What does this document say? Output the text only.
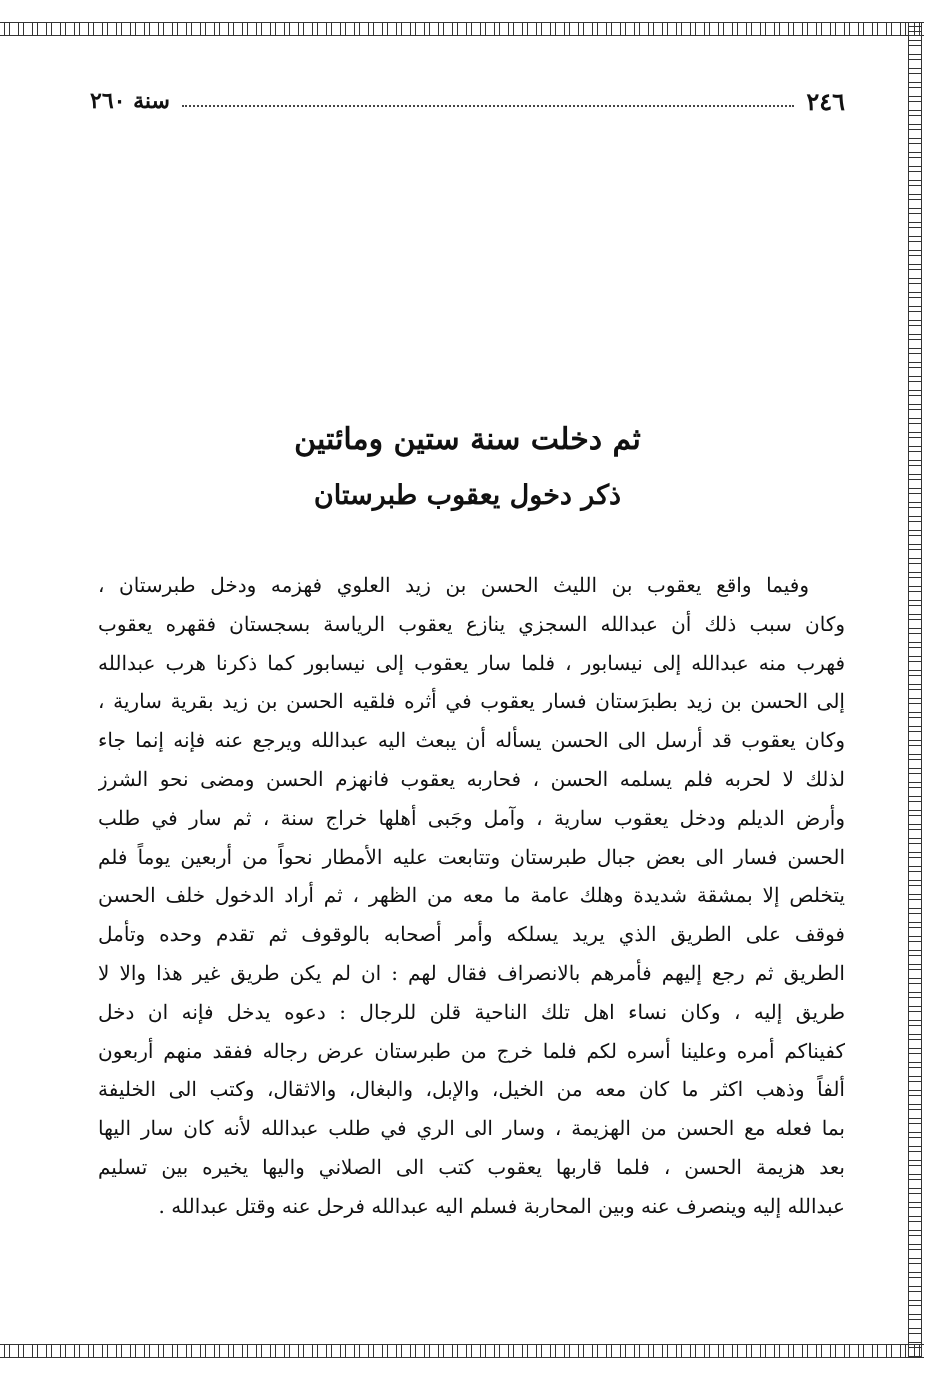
٢٤٦
سنة ٢٦٠
ثم دخلت سنة ستين ومائتين
ذكر دخول يعقوب طبرستان
وفيما واقع يعقوب بن الليث الحسن بن زيد العلوي فهزمه ودخل طبرستان ،
وكان سبب ذلك أن عبدالله السجزي ينازع يعقوب الرياسة بسجستان فقهره يعقوب
فهرب منه عبدالله إلى نيسابور ، فلما سار يعقوب إلى نيسابور كما ذكرنا هرب عبدالله
إلى الحسن بن زيد بطبرَستان فسار يعقوب في أثره فلقيه الحسن بن زيد بقرية سارية ،
وكان يعقوب قد أرسل الى الحسن يسأله أن يبعث اليه عبدالله ويرجع عنه فإنه إنما جاء
لذلك لا لحربه فلم يسلمه الحسن ، فحاربه يعقوب فانهزم الحسن ومضى نحو الشرز
وأرض الديلم ودخل يعقوب سارية ، وآمل وجَبى أهلها خراج سنة ، ثم سار في طلب
الحسن فسار الى بعض جبال طبرستان وتتابعت عليه الأمطار نحواً من أربعين يوماً فلم
يتخلص إلا بمشقة شديدة وهلك عامة ما معه من الظهر ، ثم أراد الدخول خلف الحسن
فوقف على الطريق الذي يريد يسلكه وأمر أصحابه بالوقوف ثم تقدم وحده وتأمل
الطريق ثم رجع إليهم فأمرهم بالانصراف فقال لهم : ان لم يكن طريق غير هذا والا لا
طريق إليه ، وكان نساء اهل تلك الناحية قلن للرجال : دعوه يدخل فإنه ان دخل
كفيناكم أمره وعلينا أسره لكم فلما خرج من طبرستان عرض رجاله ففقد منهم أربعون
ألفاً وذهب اكثر ما كان معه من الخيل، والإبل، والبغال، والاثقال، وكتب الى الخليفة
بما فعله مع الحسن من الهزيمة ، وسار الى الري في طلب عبدالله لأنه كان سار اليها
بعد هزيمة الحسن ، فلما قاربها يعقوب كتب الى الصلاني واليها يخيره بين تسليم
عبدالله إليه وينصرف عنه وبين المحاربة فسلم اليه عبدالله فرحل عنه وقتل عبدالله .
